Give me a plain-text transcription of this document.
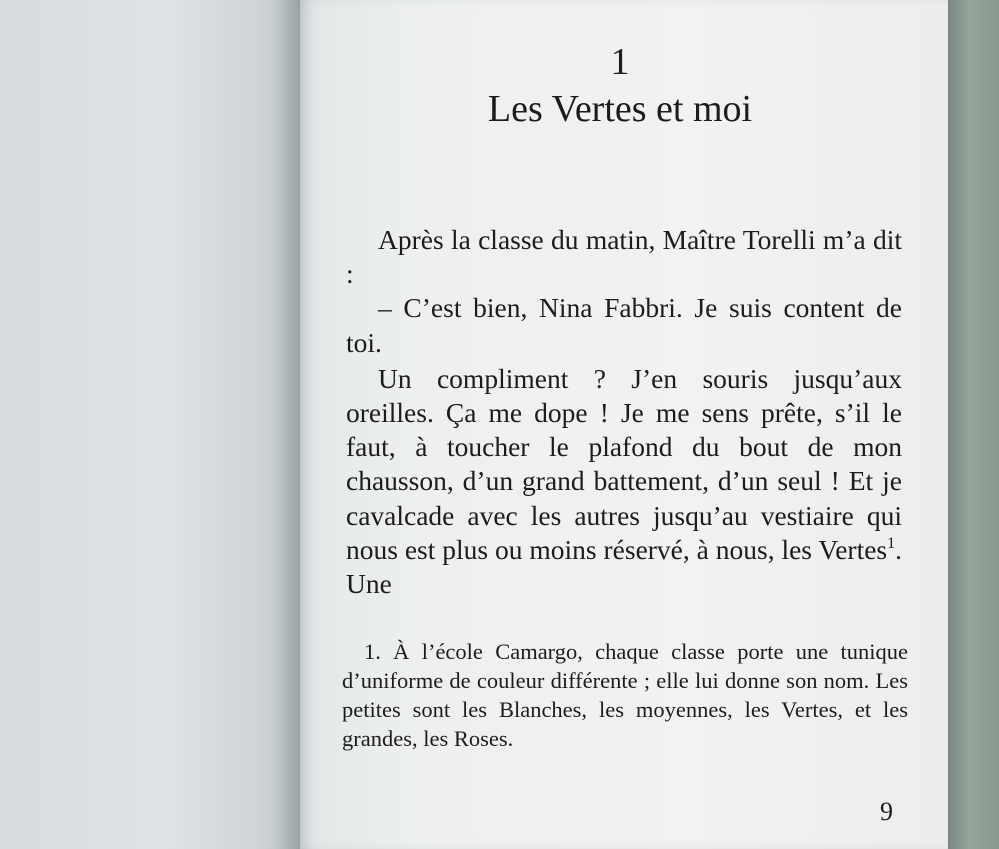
1
Les Vertes et moi

Après la classe du matin, Maître Torelli m’a dit :

– C’est bien, Nina Fabbri. Je suis content de toi.

Un compliment ? J’en souris jusqu’aux oreilles. Ça me dope ! Je me sens prête, s’il le faut, à toucher le plafond du bout de mon chausson, d’un grand battement, d’un seul ! Et je cavalcade avec les autres jusqu’au vestiaire qui nous est plus ou moins réservé, à nous, les Vertes$^1$. Une

1. À l’école Camargo, chaque classe porte une tunique d’uniforme de couleur différente ; elle lui donne son nom. Les petites sont les Blanches, les moyennes, les Vertes, et les grandes, les Roses.

9
